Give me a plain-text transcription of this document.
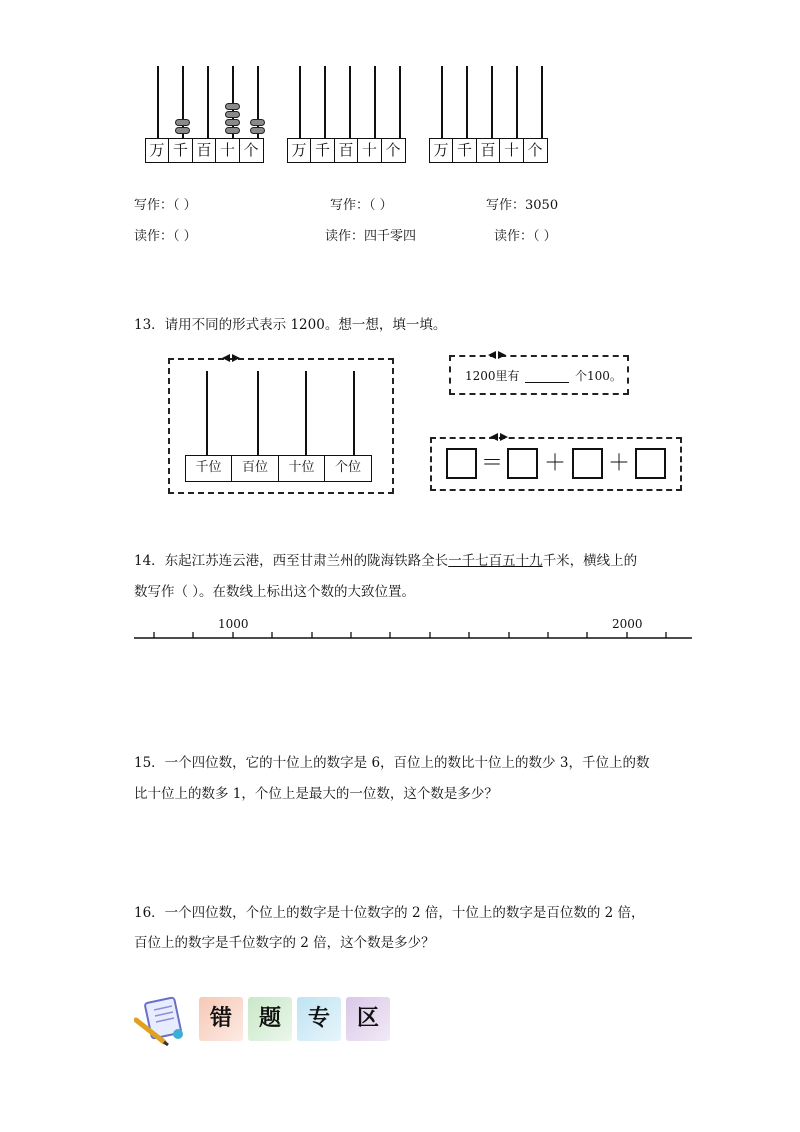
万 千 百 十 个	万 千 百 十 个	万 千 百 十 个
写作：（ ）	写作：（ ）	写作：3050
读作：（ ）	读作：四千零四	读作：（ ）
13．请用不同的形式表示 1200。想一想，填一填。
千位	百位	十位	个位
1200里有	个100。
＝ ＋ ＋
14．东起江苏连云港，西至甘肃兰州的陇海铁路全长一千七百五十九千米，横线上的
数写作（ ）。在数线上标出这个数的大致位置。
1000	2000
15．一个四位数，它的十位上的数字是 6，百位上的数比十位上的数少 3，千位上的数
比十位上的数多 1，个位上是最大的一位数，这个数是多少？
16．一个四位数，个位上的数字是十位数字的 2 倍，十位上的数字是百位数的 2 倍，
百位上的数字是千位数字的 2 倍，这个数是多少？
错	题	专	区
